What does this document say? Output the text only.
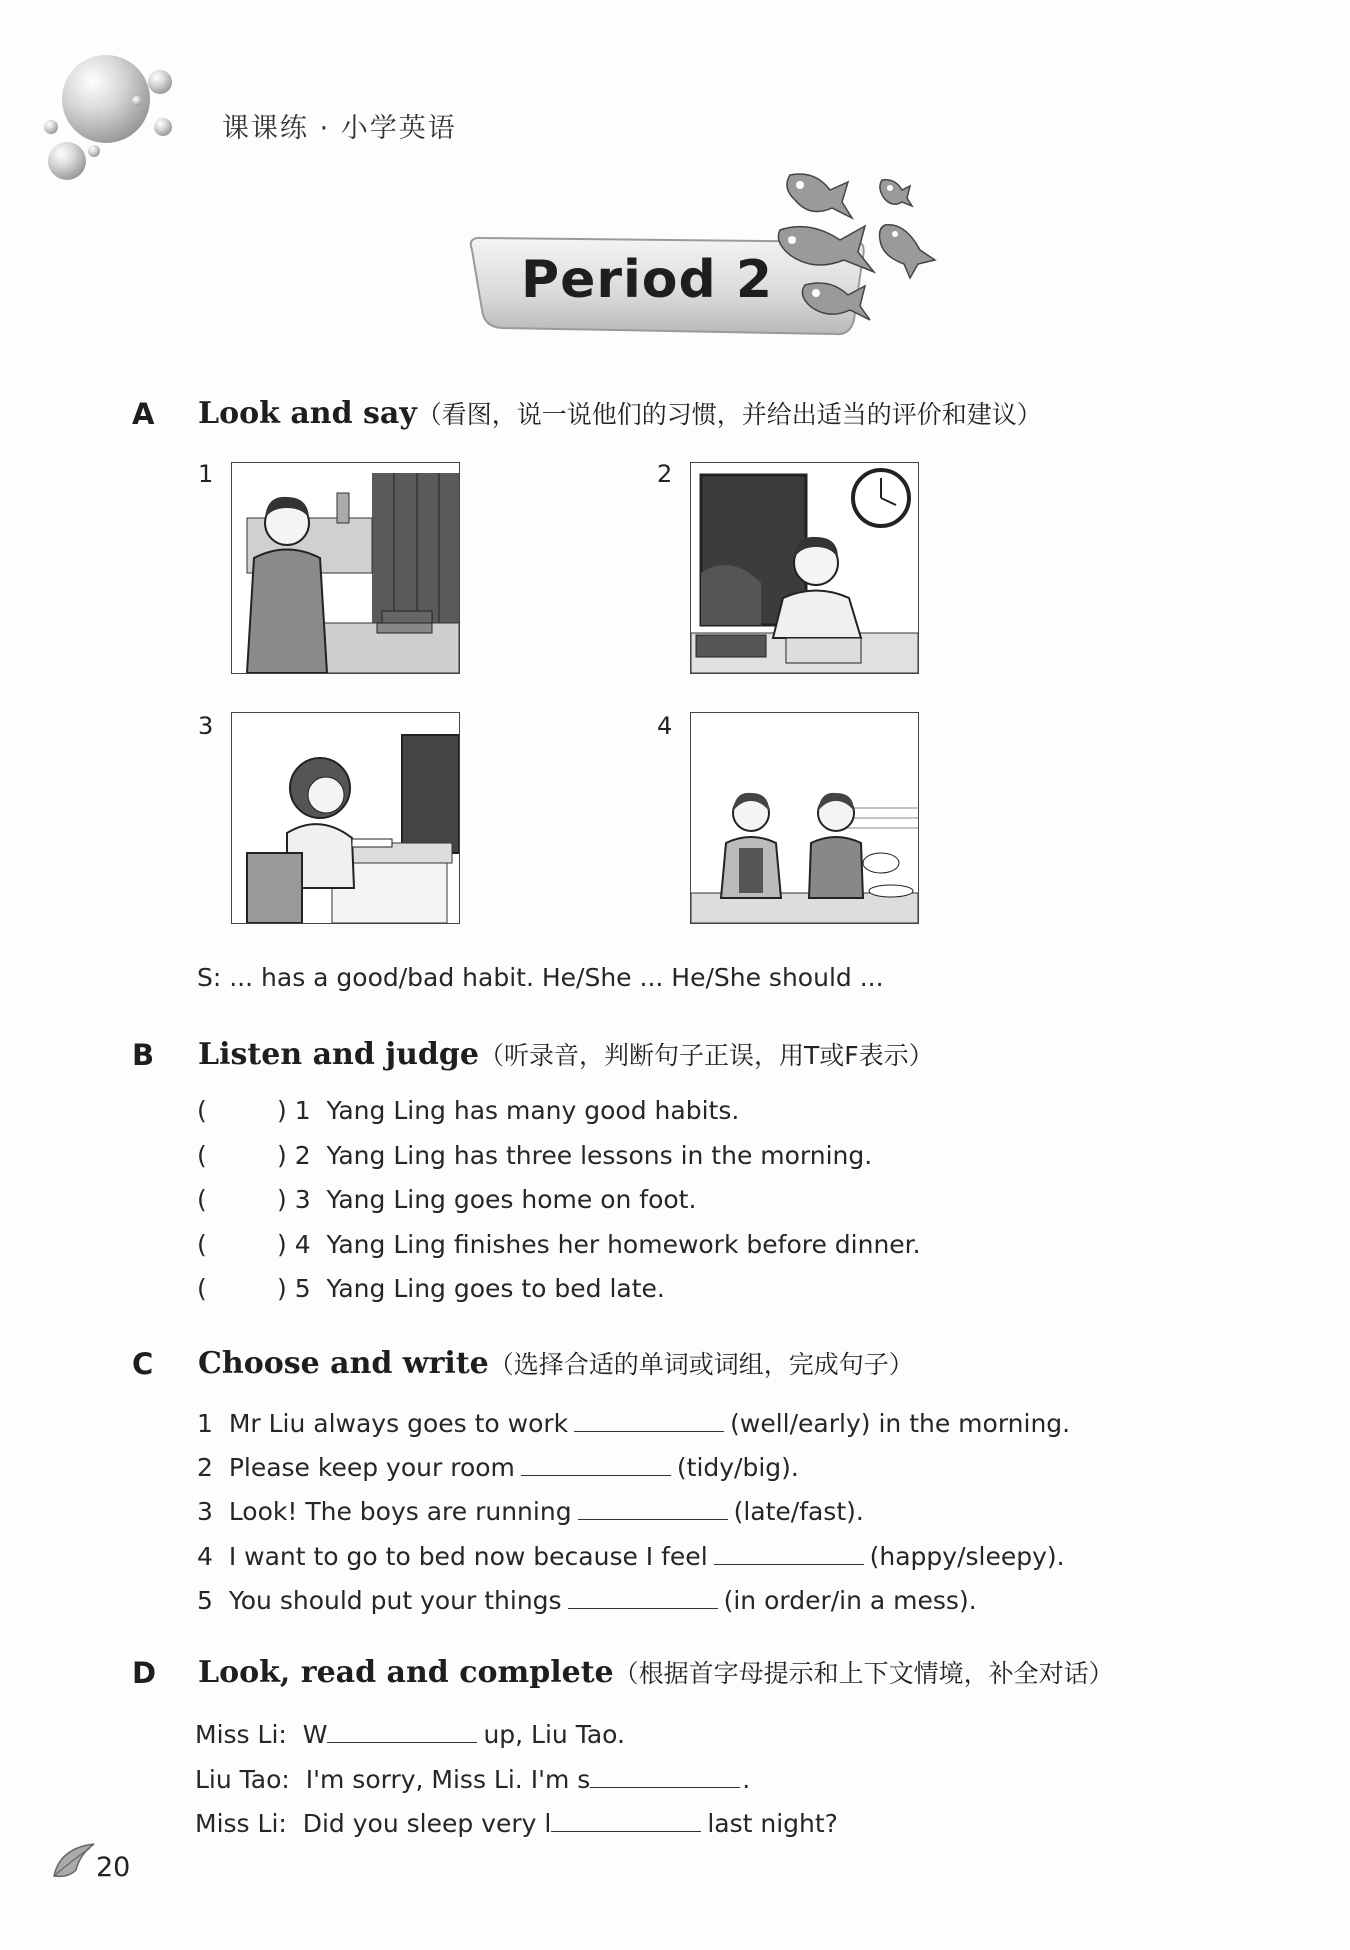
课课练 · 小学英语
Period 2
A Look and say（看图，说一说他们的习惯，并给出适当的评价和建议）
1	2
3	4
S: ... has a good/bad habit. He/She ... He/She should ...
B Listen and judge（听录音，判断句子正误，用T或F表示）
(	) 1 Yang Ling has many good habits.
(	) 2 Yang Ling has three lessons in the morning.
(	) 3 Yang Ling goes home on foot.
(	) 4 Yang Ling finishes her homework before dinner.
(	) 5 Yang Ling goes to bed late.
C Choose and write（选择合适的单词或词组，完成句子）
1 Mr Liu always goes to work	(well/early) in the morning.
2 Please keep your room	(tidy/big).
3 Look! The boys are running	(late/fast).
4 I want to go to bed now because I feel	(happy/sleepy).
5 You should put your things	(in order/in a mess).
D Look, read and complete（根据首字母提示和上下文情境，补全对话）
Miss Li: W	up, Liu Tao.
Liu Tao: I'm sorry, Miss Li. I'm s	.
Miss Li: Did you sleep very l	last night?
20
